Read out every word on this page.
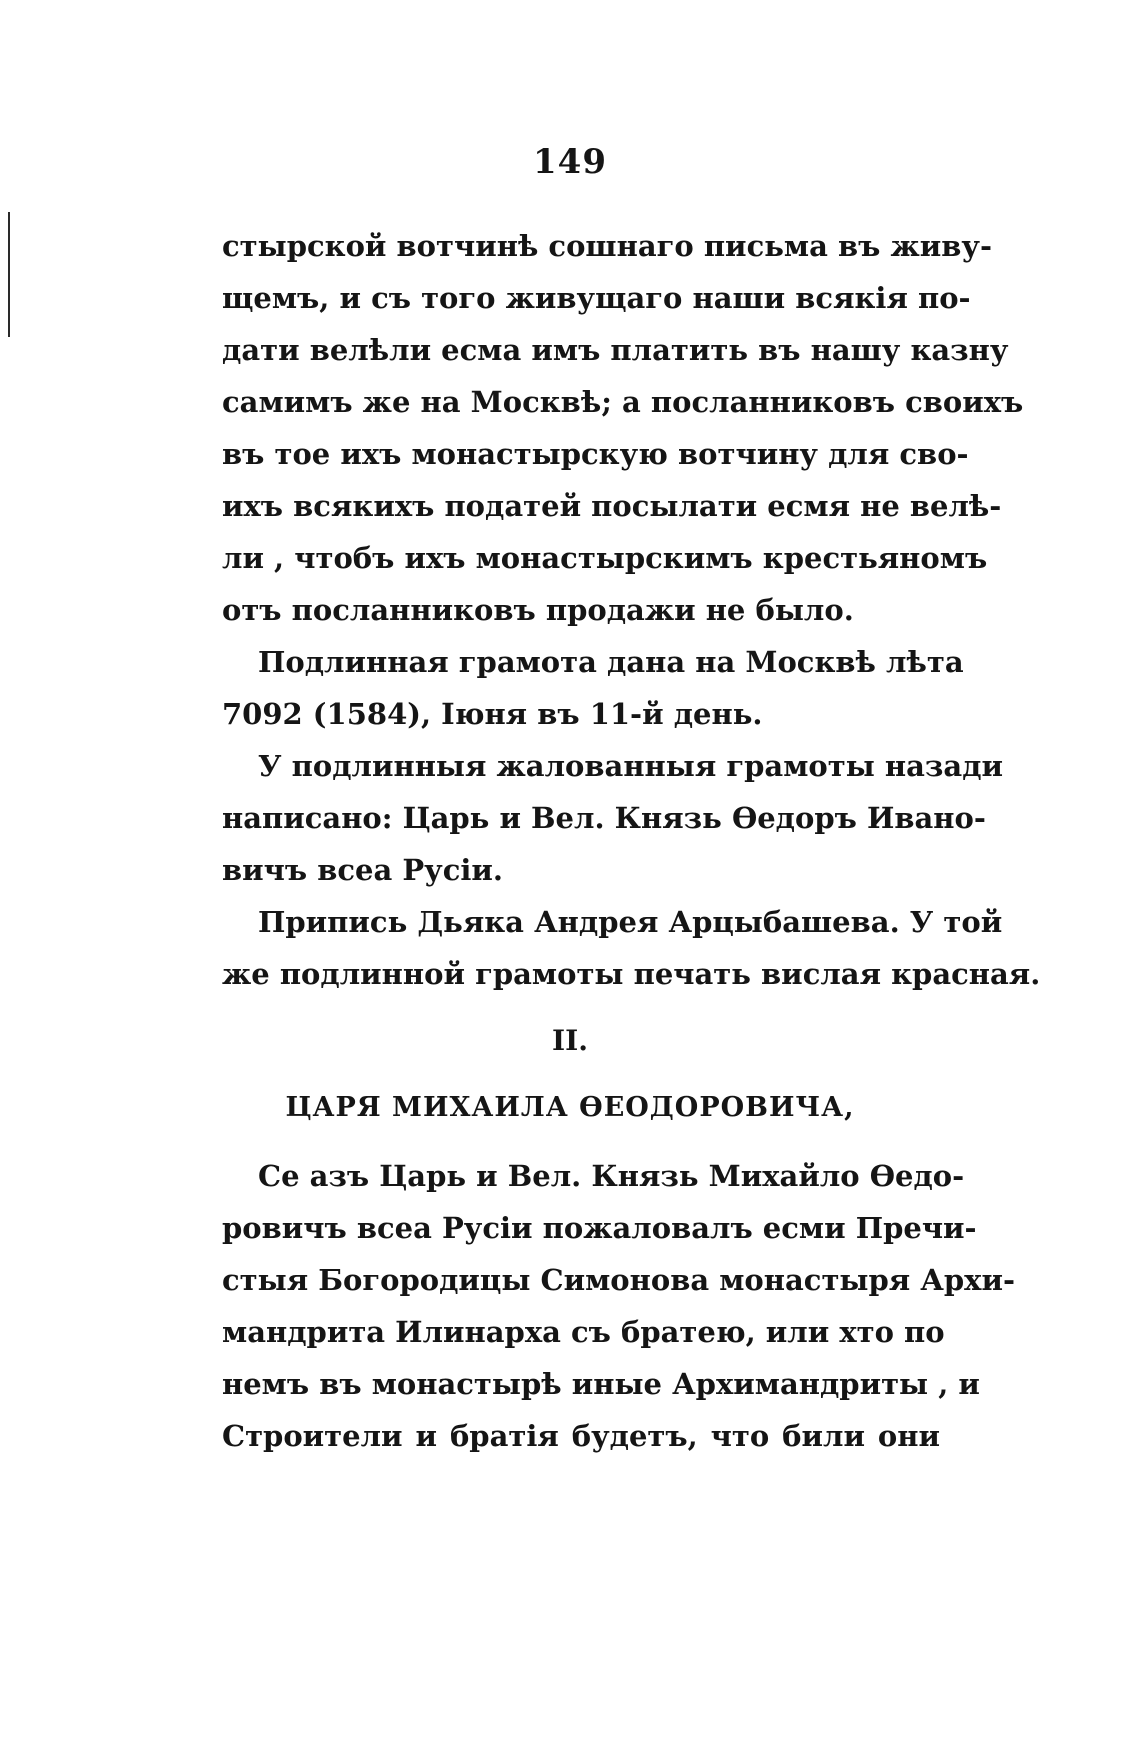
149
стырской вотчинѣ сошнаго письма въ живу-
щемъ, и съ того живущаго наши всякія по-
дати велѣли есма имъ платить въ нашу казну
самимъ же на Москвѣ; а посланниковъ своихъ
въ тое ихъ монастырскую вотчину для сво-
ихъ всякихъ податей посылати есмя не велѣ-
ли , чтобъ ихъ монастырскимъ крестьяномъ
отъ посланниковъ продажи не было.
Подлинная грамота дана на Москвѣ лѣта
7092 (1584), Іюня въ 11-й день.
У подлинныя жалованныя грамоты назади
написано: Царь и Вел. Князь Ѳедоръ Ивано-
вичъ всеа Русіи.
Припись Дьяка Андрея Арцыбашева. У той
же подлинной грамоты печать вислая красная.
II.
ЦАРЯ МИХАИЛА ѲЕОДОРОВИЧА,
Се азъ Царь и Вел. Князь Михайло Ѳедо-
ровичъ всеа Русіи пожаловалъ есми Пречи-
стыя Богородицы Симонова монастыря Архи-
мандрита Илинарха съ братею, или хто по
немъ въ монастырѣ иные Архимандриты , и
Строители и братія будетъ, что били они
